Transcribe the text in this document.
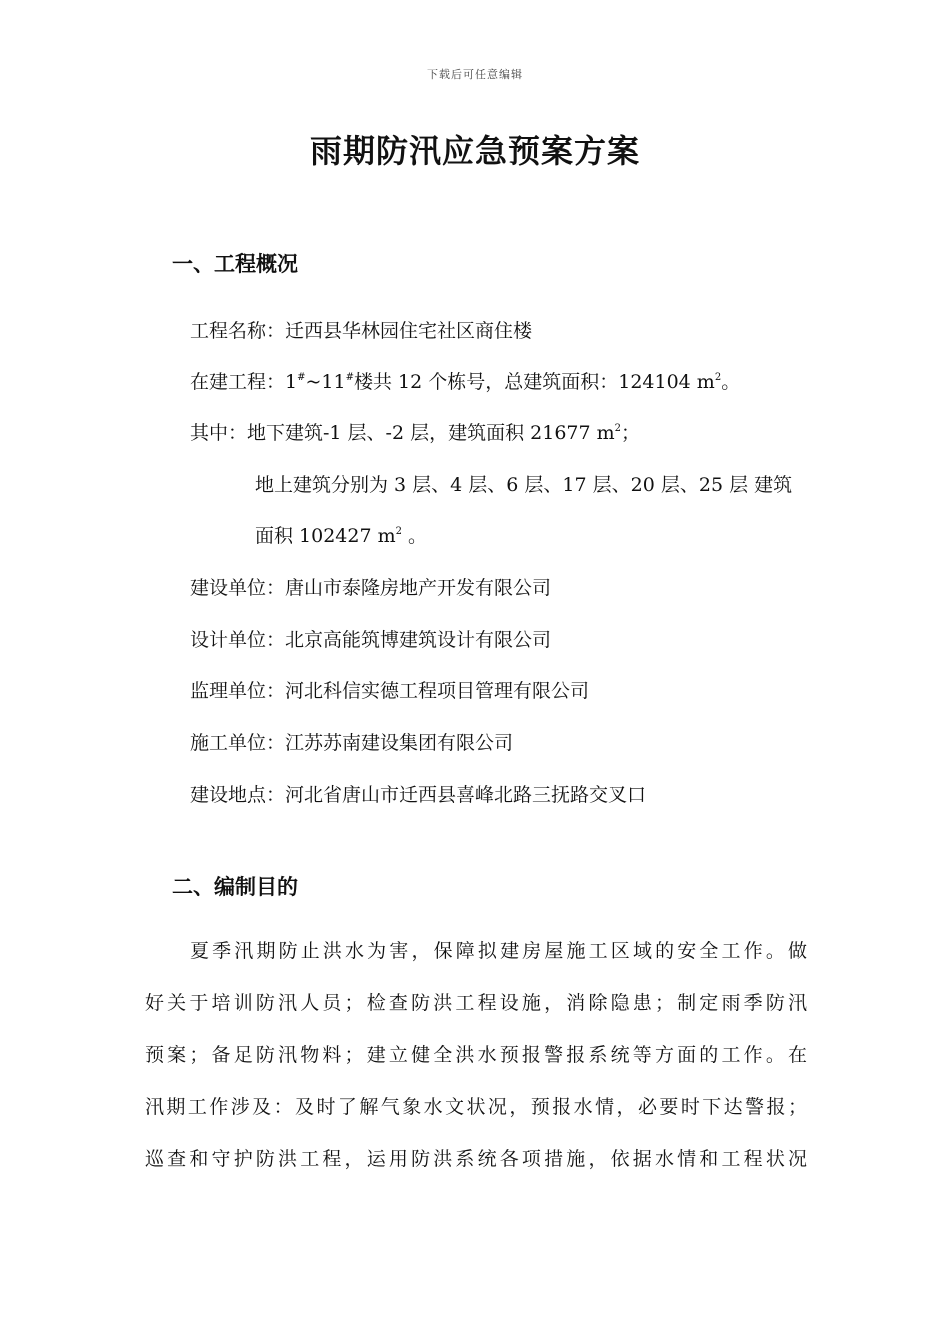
下载后可任意编辑
雨期防汛应急预案方案
一、工程概况
工程名称：迁西县华林园住宅社区商住楼
在建工程：1#~11#楼共 12 个栋号，总建筑面积：124104 $m^2$。
其中：地下建筑-1 层、-2 层，建筑面积 21677 $m^2$；
地上建筑分别为 3 层、4 层、6 层、17 层、20 层、25 层 建筑
面积 102427 $m^2$ 。
建设单位：唐山市泰隆房地产开发有限公司
设计单位：北京高能筑博建筑设计有限公司
监理单位：河北科信实德工程项目管理有限公司
施工单位：江苏苏南建设集团有限公司
建设地点：河北省唐山市迁西县喜峰北路三抚路交叉口
二、编制目的
夏季汛期防止洪水为害，保障拟建房屋施工区域的安全工作。做
好关于培训防汛人员；检查防洪工程设施，消除隐患；制定雨季防汛
预案；备足防汛物料；建立健全洪水预报警报系统等方面的工作。在
汛期工作涉及：及时了解气象水文状况，预报水情，必要时下达警报；
巡查和守护防洪工程，运用防洪系统各项措施，依据水情和工程状况
